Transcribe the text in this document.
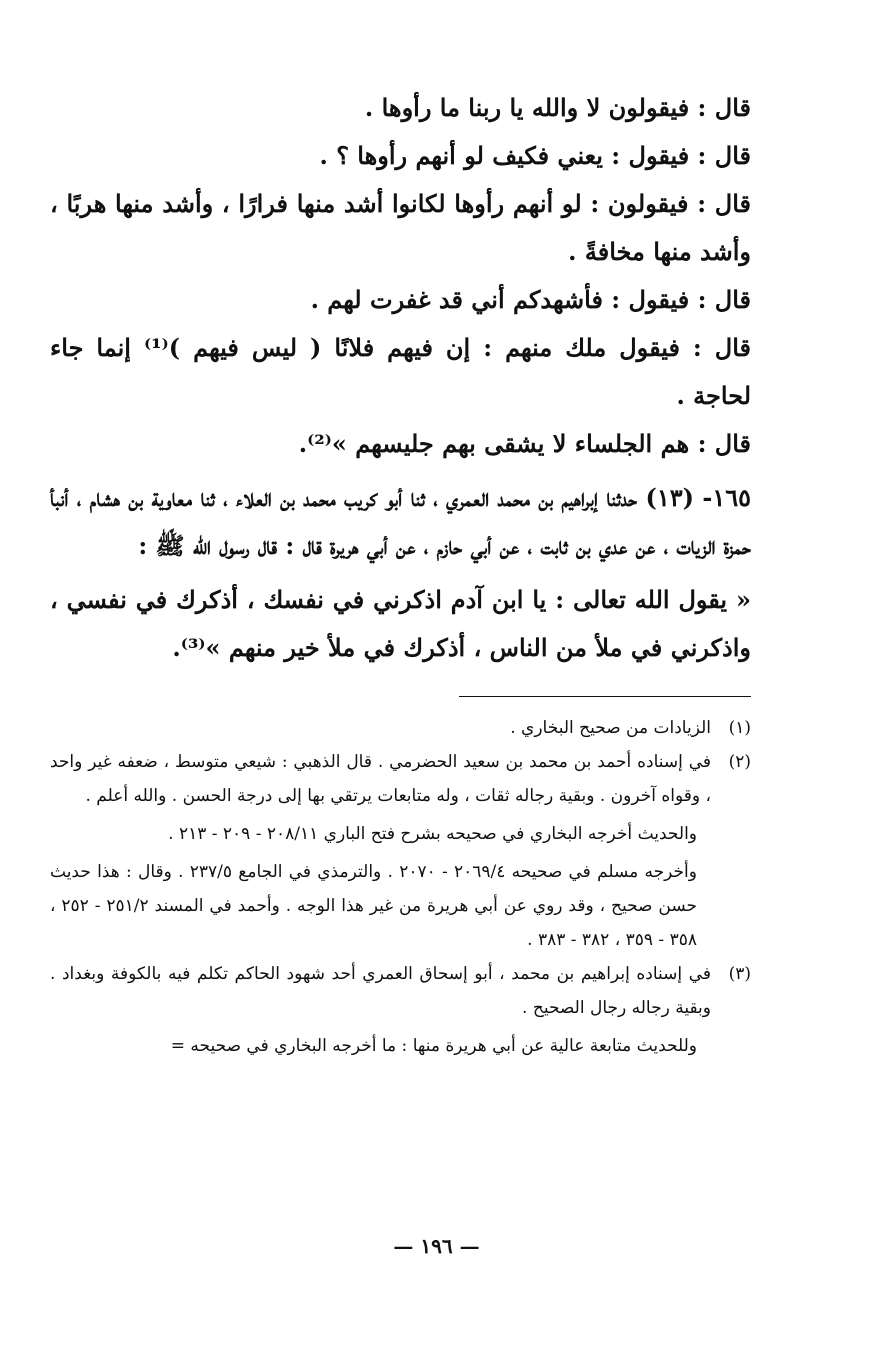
قال : فيقولون لا والله يا ربنا ما رأوها .

قال : فيقول : يعني فكيف لو أنهم رأوها ؟ .

قال : فيقولون : لو أنهم رأوها لكانوا أشد منها فرارًا ، وأشد منها هربًا ، وأشد منها مخافةً .

قال : فيقول : فأشهدكم أني قد غفرت لهم .

قال : فيقول ملك منهم : إن فيهم فلانًا ( ليس فيهم )⁽¹⁾ إنما جاء لحاجة .

قال : هم الجلساء لا يشقى بهم جليسهم »⁽²⁾.

١٦٥- (١٣) حدثنا إبراهيم بن محمد العمري ، ثنا أبو كريب محمد بن العلاء ، ثنا معاوية بن هشام ، أنبأ حمزة الزيات ، عن عدي بن ثابت ، عن أبي حازم ، عن أبي هريرة قال : قال رسول الله ﷺ :

« يقول الله تعالى : يا ابن آدم اذكرني في نفسك ، أذكرك في نفسي ، واذكرني في ملأ من الناس ، أذكرك في ملأ خير منهم »⁽³⁾.

(١)

الزيادات من صحيح البخاري .

(٢)

في إسناده أحمد بن محمد بن سعيد الحضرمي . قال الذهبي : شيعي متوسط ، ضعفه غير واحد ، وقواه آخرون . وبقية رجاله ثقات ، وله متابعات يرتقي بها إلى درجة الحسن . والله أعلم .

والحديث أخرجه البخاري في صحيحه بشرح فتح الباري ٢٠٨/١١ - ٢٠٩ - ٢١٣ .

وأخرجه مسلم في صحيحه ٢٠٦٩/٤ - ٢٠٧٠ . والترمذي في الجامع ٢٣٧/٥ . وقال : هذا حديث حسن صحيح ، وقد روي عن أبي هريرة من غير هذا الوجه . وأحمد في المسند ٢٥١/٢ - ٢٥٢ ، ٣٥٨ - ٣٥٩ ، ٣٨٢ - ٣٨٣ .

(٣)

في إسناده إبراهيم بن محمد ، أبو إسحاق العمري أحد شهود الحاكم تكلم فيه بالكوفة وبغداد . وبقية رجاله رجال الصحيح .

وللحديث متابعة عالية عن أبي هريرة منها : ما أخرجه البخاري في صحيحه =

— ١٩٦ —
